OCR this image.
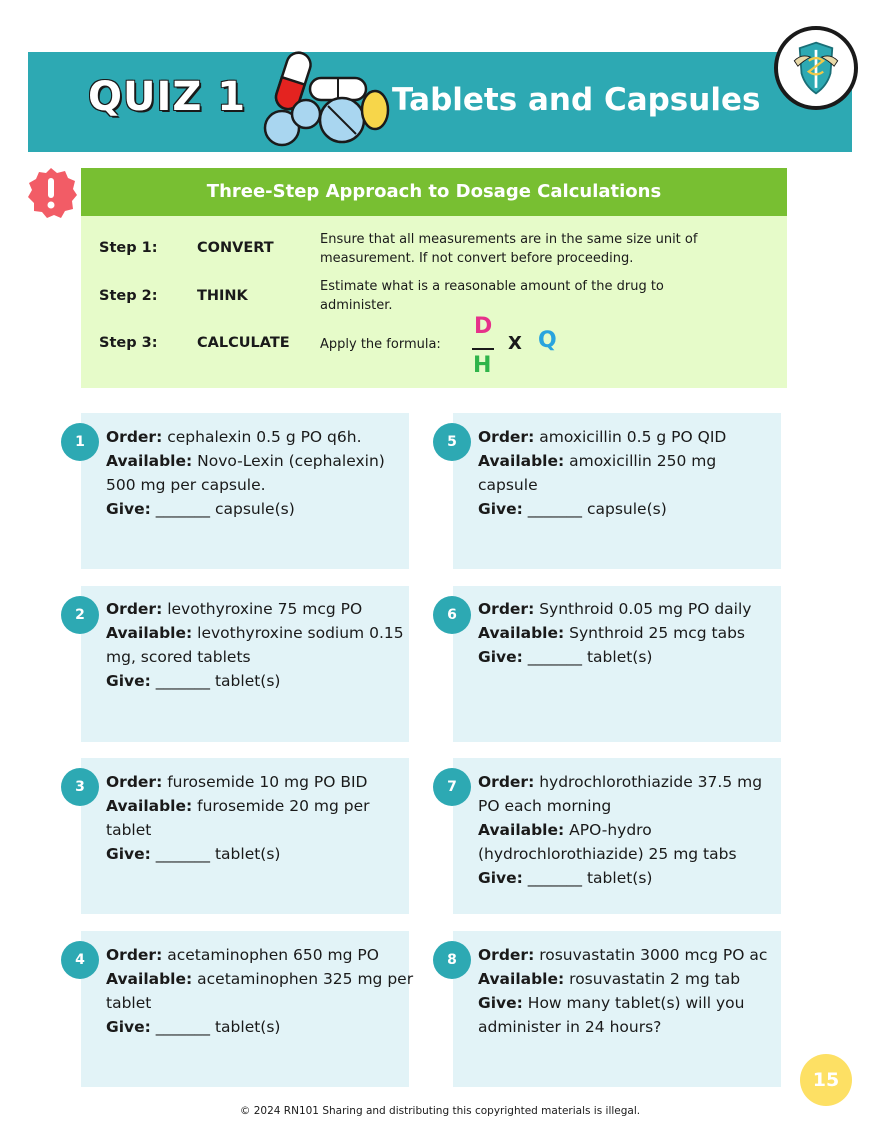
QUIZ 1	Tablets and Capsules
Three-Step Approach to Dosage Calculations
Step 1:	CONVERT
Ensure that all measurements are in the same size unit of measurement. If not convert before proceeding.
Step 2:	THINK
Estimate what is a reasonable amount of the drug to administer.
Step 3:	CALCULATE Apply the formula:
D
H
X Q
1	Order: cephalexin 0.5 g PO q6h.
Available: Novo-Lexin (cephalexin) 500 mg per capsule.
Give: _______ capsule(s)
2	Order: levothyroxine 75 mcg PO
Available: levothyroxine sodium 0.15 mg, scored tablets
Give: _______ tablet(s)
3	Order: furosemide 10 mg PO BID
Available: furosemide 20 mg per tablet
Give: _______ tablet(s)
4	Order: acetaminophen 650 mg PO
Available: acetaminophen 325 mg per tablet
Give: _______ tablet(s)
5	Order: amoxicillin 0.5 g PO QID
Available: amoxicillin 250 mg capsule
Give: _______ capsule(s)
6	Order: Synthroid 0.05 mg PO daily
Available: Synthroid 25 mcg tabs
Give: _______ tablet(s)
7	Order: hydrochlorothiazide 37.5 mg PO each morning
Available: APO-hydro (hydrochlorothiazide) 25 mg tabs
Give: _______ tablet(s)
8	Order: rosuvastatin 3000 mcg PO ac
Available: rosuvastatin 2 mg tab
Give: How many tablet(s) will you administer in 24 hours?
15
© 2024 RN101 Sharing and distributing this copyrighted materials is illegal.
